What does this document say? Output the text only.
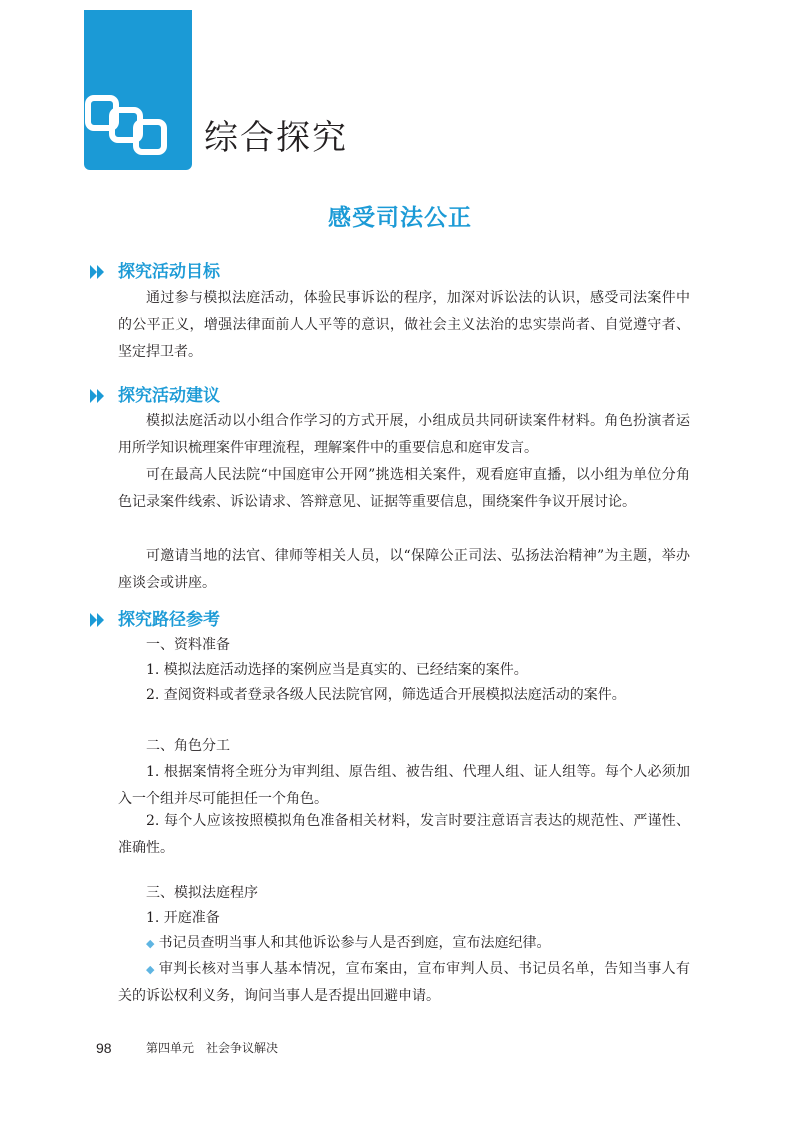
综合探究
感受司法公正
探究活动目标

通过参与模拟法庭活动，体验民事诉讼的程序，加深对诉讼法的认识，感受司法案件中的公平正义，增强法律面前人人平等的意识，做社会主义法治的忠实崇尚者、自觉遵守者、坚定捍卫者。

探究活动建议

模拟法庭活动以小组合作学习的方式开展，小组成员共同研读案件材料。角色扮演者运用所学知识梳理案件审理流程，理解案件中的重要信息和庭审发言。

可在最高人民法院“中国庭审公开网”挑选相关案件，观看庭审直播，以小组为单位分角色记录案件线索、诉讼请求、答辩意见、证据等重要信息，围绕案件争议开展讨论。

可邀请当地的法官、律师等相关人员，以“保障公正司法、弘扬法治精神”为主题，举办座谈会或讲座。

探究路径参考

一、资料准备

1. 模拟法庭活动选择的案例应当是真实的、已经结案的案件。

2. 查阅资料或者登录各级人民法院官网，筛选适合开展模拟法庭活动的案件。

二、角色分工

1. 根据案情将全班分为审判组、原告组、被告组、代理人组、证人组等。每个人必须加入一个组并尽可能担任一个角色。

2. 每个人应该按照模拟角色准备相关材料，发言时要注意语言表达的规范性、严谨性、准确性。

三、模拟法庭程序

1. 开庭准备

◆ 书记员查明当事人和其他诉讼参与人是否到庭，宣布法庭纪律。

◆ 审判长核对当事人基本情况，宣布案由，宣布审判人员、书记员名单，告知当事人有关的诉讼权利义务，询问当事人是否提出回避申请。

98	第四单元　社会争议解决
